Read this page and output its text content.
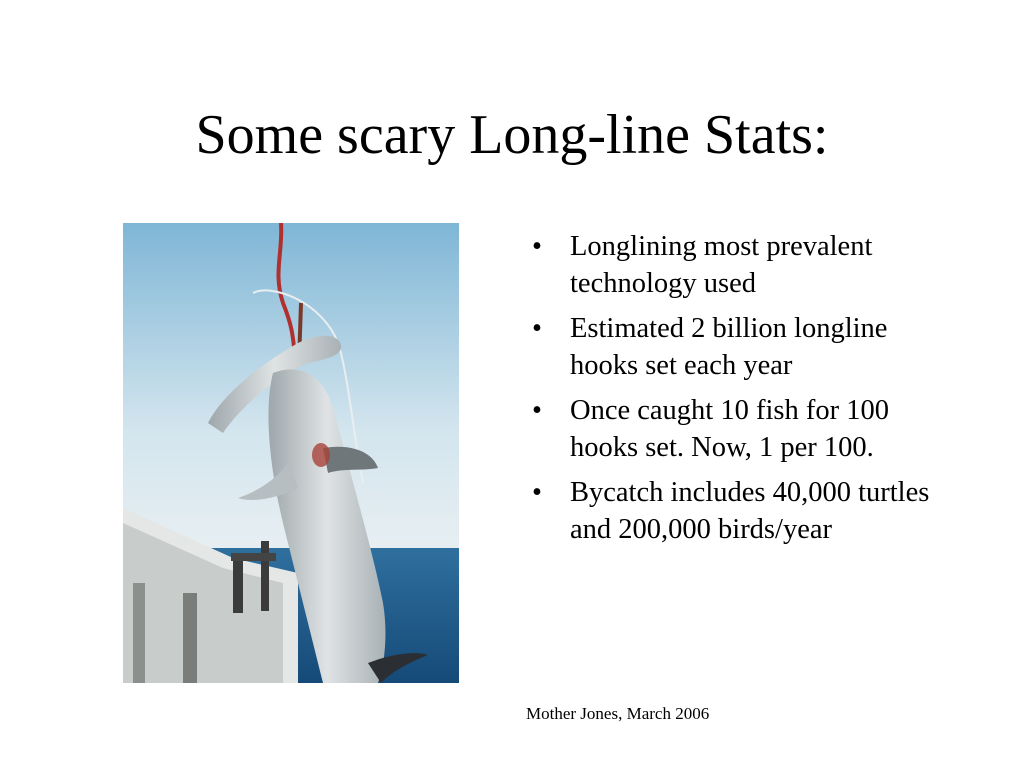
Some scary Long-line Stats:
• Longlining most prevalent technology used
• Estimated 2 billion longline hooks set each year
• Once caught 10 fish for 100 hooks set. Now, 1 per 100.
• Bycatch includes 40,000 turtles and 200,000 birds/year
Mother Jones, March 2006
